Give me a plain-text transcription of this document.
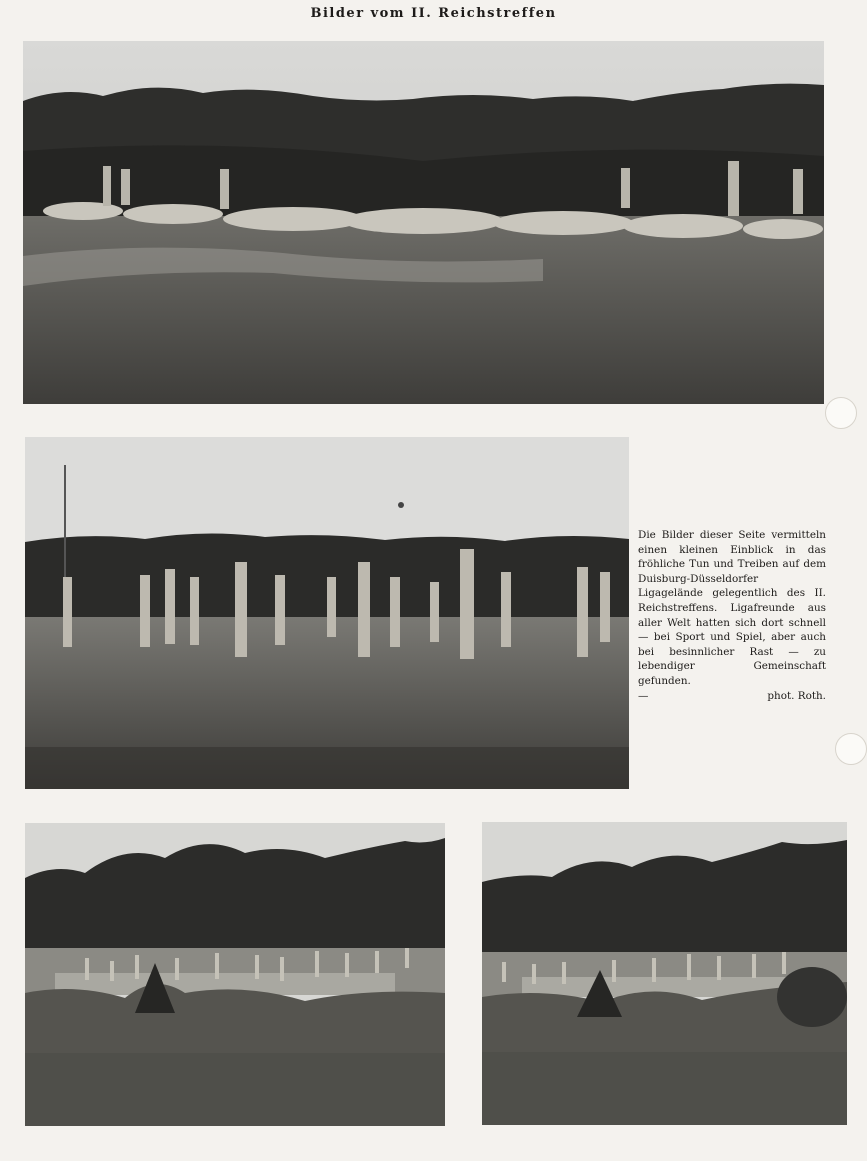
Bilder vom II. Reichstreffen

Die Bilder dieser Seite vermitteln einen kleinen Einblick in das fröhliche Tun und Treiben auf dem Duisburg-Düsseldorfer Ligagelände gelegentlich des II. Reichstreffens. Ligafreunde aus aller Welt hatten sich dort schnell — bei Sport und Spiel, aber auch bei besinnlicher Rast — zu lebendiger Gemeinschaft gefunden.

—	phot. Roth.
